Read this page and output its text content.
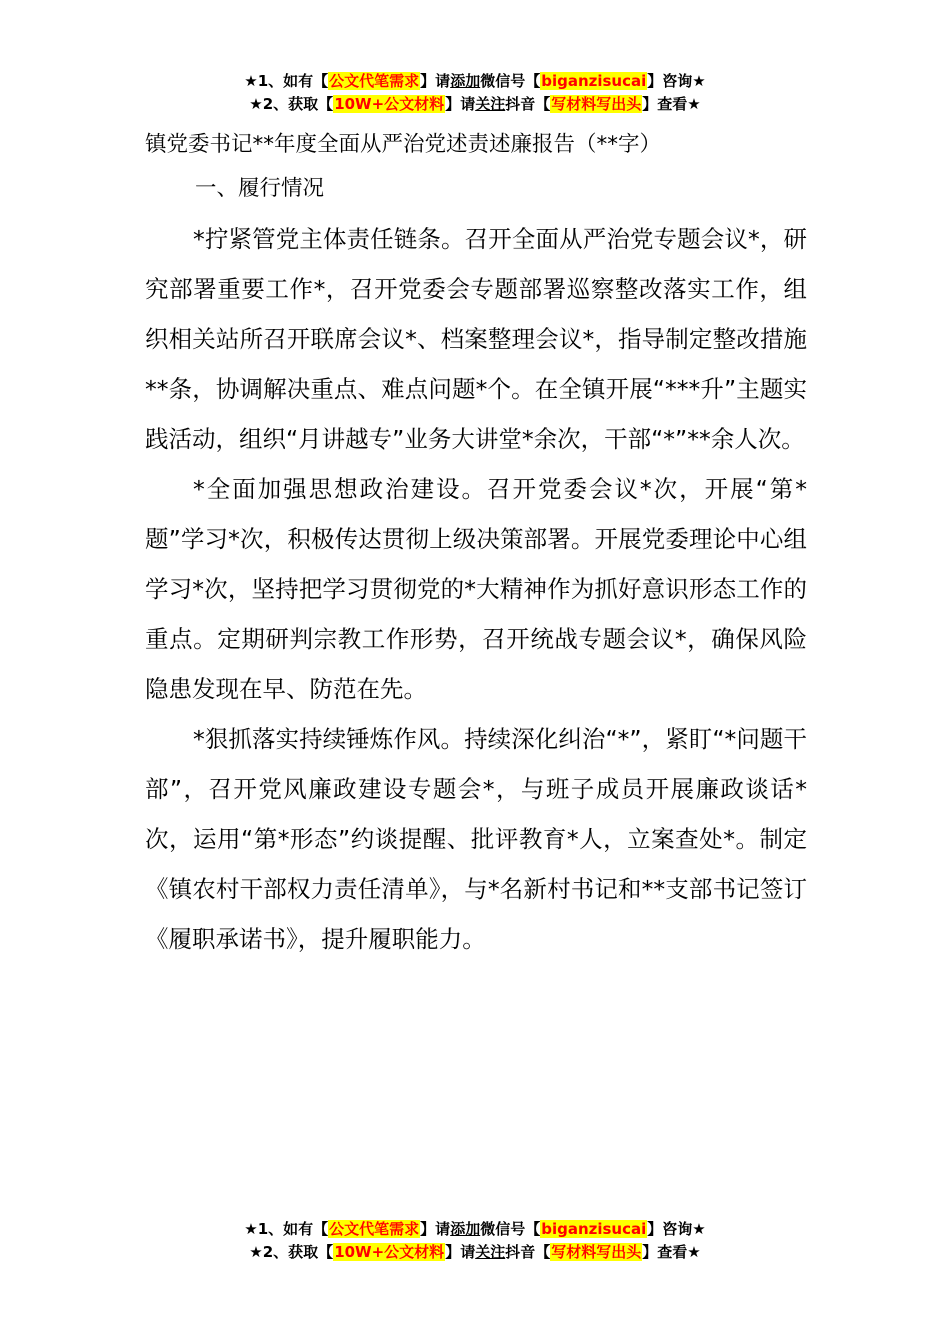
★1、如有【公文代笔需求】请添加微信号【biganzisucai】咨询★
★2、获取【10W+公文材料】请关注抖音【写材料写出头】查看★
镇党委书记**年度全面从严治党述责述廉报告（**字）
一、履行情况

*拧紧管党主体责任链条。召开全面从严治党专题会议*，研究部署重要工作*，召开党委会专题部署巡察整改落实工作，组织相关站所召开联席会议*、档案整理会议*，指导制定整改措施**条，协调解决重点、难点问题*个。在全镇开展“***升”主题实践活动，组织“月讲越专”业务大讲堂*余次，干部“*”**余人次。

*全面加强思想政治建设。召开党委会议*次，开展“第*题”学习*次，积极传达贯彻上级决策部署。开展党委理论中心组学习*次，坚持把学习贯彻党的*大精神作为抓好意识形态工作的重点。定期研判宗教工作形势，召开统战专题会议*，确保风险隐患发现在早、防范在先。

*狠抓落实持续锤炼作风。持续深化纠治“*”，紧盯“*问题干部”，召开党风廉政建设专题会*，与班子成员开展廉政谈话*次，运用“第*形态”约谈提醒、批评教育*人，立案查处*。制定《镇农村干部权力责任清单》，与*名新村书记和**支部书记签订《履职承诺书》，提升履职能力。

★1、如有【公文代笔需求】请添加微信号【biganzisucai】咨询★
★2、获取【10W+公文材料】请关注抖音【写材料写出头】查看★
